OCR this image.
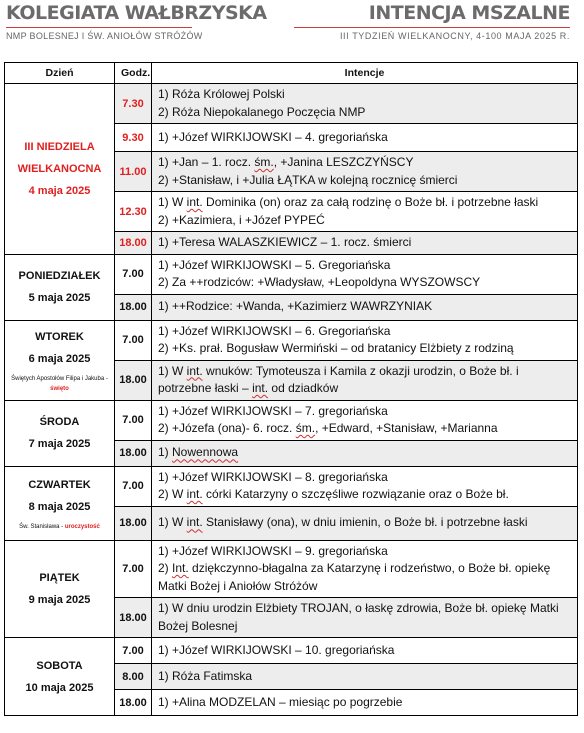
KOLEGIATA WAŁBRZYSKA
NMP BOLESNEJ I ŚW. ANIOŁÓW STRÓŻÓW
INTENCJA MSZALNE
III TYDZIEŃ WIELKANOCNY, 4-100 MAJA 2025 R.
Dzień	Godz.	Intencje

III NIEDZIELA WIELKANOCNA
4 maja 2025	7.30	1) Róża Królowej Polski
2) Róża Niepokalanego Poczęcia NMP

	9.30	1) +Józef WIRKIJOWSKI – 4. gregoriańska

	11.00	1) +Jan – 1. rocz. śm., +Janina LESZCZYŃSCY
2) +Stanisław, i +Julia ŁĄTKA w kolejną rocznicę śmierci

	12.30	1) W int. Dominika (on) oraz za całą rodzinę o Boże bł. i potrzebne łaski
2) +Kazimiera, i +Józef PYPEĆ

	18.00	1) +Teresa WALASZKIEWICZ – 1. rocz. śmierci

PONIEDZIAŁEK
5 maja 2025	7.00	1) +Józef WIRKIJOWSKI – 5. Gregoriańska
2) Za ++rodziców: +Władysław, +Leopoldyna WYSZOWSCY

	18.00	1) ++Rodzice: +Wanda, +Kazimierz WAWRZYNIAK

WTOREK
6 maja 2025
Świętych Apostołów Filipa i Jakuba - święto	7.00	1) +Józef WIRKIJOWSKI – 6. Gregoriańska
2) +Ks. prał. Bogusław Wermiński – od bratanicy Elżbiety z rodziną

	18.00	1) W int. wnuków: Tymoteusza i Kamila z okazji urodzin, o Boże bł. i potrzebne łaski – int. od dziadków

ŚRODA
7 maja 2025	7.00	1) +Józef WIRKIJOWSKI – 7. gregoriańska
2) +Józefa (ona)- 6. rocz. śm., +Edward, +Stanisław, +Marianna

	18.00	1) Nowennowa

CZWARTEK
8 maja 2025
Św. Stanisława - uroczystość	7.00	1) +Józef WIRKIJOWSKI – 8. gregoriańska
2) W int. córki Katarzyny o szczęśliwe rozwiązanie oraz o Boże bł.

	18.00	1) W int. Stanisławy (ona), w dniu imienin, o Boże bł. i potrzebne łaski

PIĄTEK
9 maja 2025	7.00	1) +Józef WIRKIJOWSKI – 9. gregoriańska
2) Int. dziękczynno-błagalna za Katarzynę i rodzeństwo, o Boże bł. opiekę Matki Bożej i Aniołów Stróżów

	18.00	1) W dniu urodzin Elżbiety TROJAN, o łaskę zdrowia, Boże bł. opiekę Matki Bożej Bolesnej

SOBOTA
10 maja 2025	7.00	1) +Józef WIRKIJOWSKI – 10. gregoriańska

	8.00	1) Róża Fatimska

	18.00	1) +Alina MODZELAN – miesiąc po pogrzebie
